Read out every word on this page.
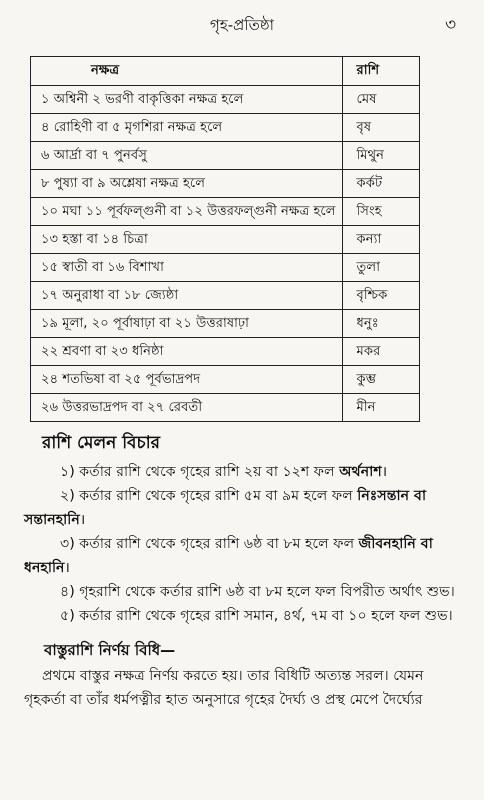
গৃহ-প্রতিষ্ঠা	৩
নক্ষত্র	রাশি
১ অশ্বিনী ২ ভরণী বাকৃত্তিকা নক্ষত্র হলে	মেষ
৪ রোহিণী বা ৫ মৃগশিরা নক্ষত্র হলে	বৃষ
৬ আর্দ্রা বা ৭ পুনর্বসু	মিথুন
৮ পুষ্যা বা ৯ অশ্লেষা নক্ষত্র হলে	কর্কট
১০ মঘা ১১ পূর্বফল্গুনী বা ১২ উত্তরফল্গুনী নক্ষত্র হলে	সিংহ
১৩ হস্তা বা ১৪ চিত্রা	কন্যা
১৫ স্বাতী বা ১৬ বিশাখা	তুলা
১৭ অনুরাধা বা ১৮ জ্যেষ্ঠা	বৃশ্চিক
১৯ মূলা, ২০ পূর্বাষাঢ়া বা ২১ উত্তরাষাঢ়া	ধনুঃ
২২ শ্রবণা বা ২৩ ধনিষ্ঠা	মকর
২৪ শতভিষা বা ২৫ পূর্বভাদ্রপদ	কুম্ভ
২৬ উত্তরভাদ্রপদ বা ২৭ রেবতী	মীন
রাশি মেলন বিচার

১) কর্তার রাশি থেকে গৃহের রাশি ২য় বা ১২শ ফল অর্থনাশ।

২) কর্তার রাশি থেকে গৃহের রাশি ৫ম বা ৯ম হলে ফল নিঃসন্তান বা সন্তানহানি।

৩) কর্তার রাশি থেকে গৃহের রাশি ৬ষ্ঠ বা ৮ম হলে ফল জীবনহানি বা ধনহানি।

৪) গৃহরাশি থেকে কর্তার রাশি ৬ষ্ঠ বা ৮ম হলে ফল বিপরীত অর্থাৎ শুভ।

৫) কর্তার রাশি থেকে গৃহের রাশি সমান, ৪র্থ, ৭ম বা ১০ হলে ফল শুভ।

বাস্তুরাশি নির্ণয় বিধি—

প্রথমে বাস্তুর নক্ষত্র নির্ণয় করতে হয়। তার বিধিটি অত্যন্ত সরল। যেমন গৃহকর্তা বা তাঁর ধর্মপত্নীর হাত অনুসারে গৃহের দৈর্ঘ্য ও প্রস্থ মেপে দৈর্ঘ্যের
